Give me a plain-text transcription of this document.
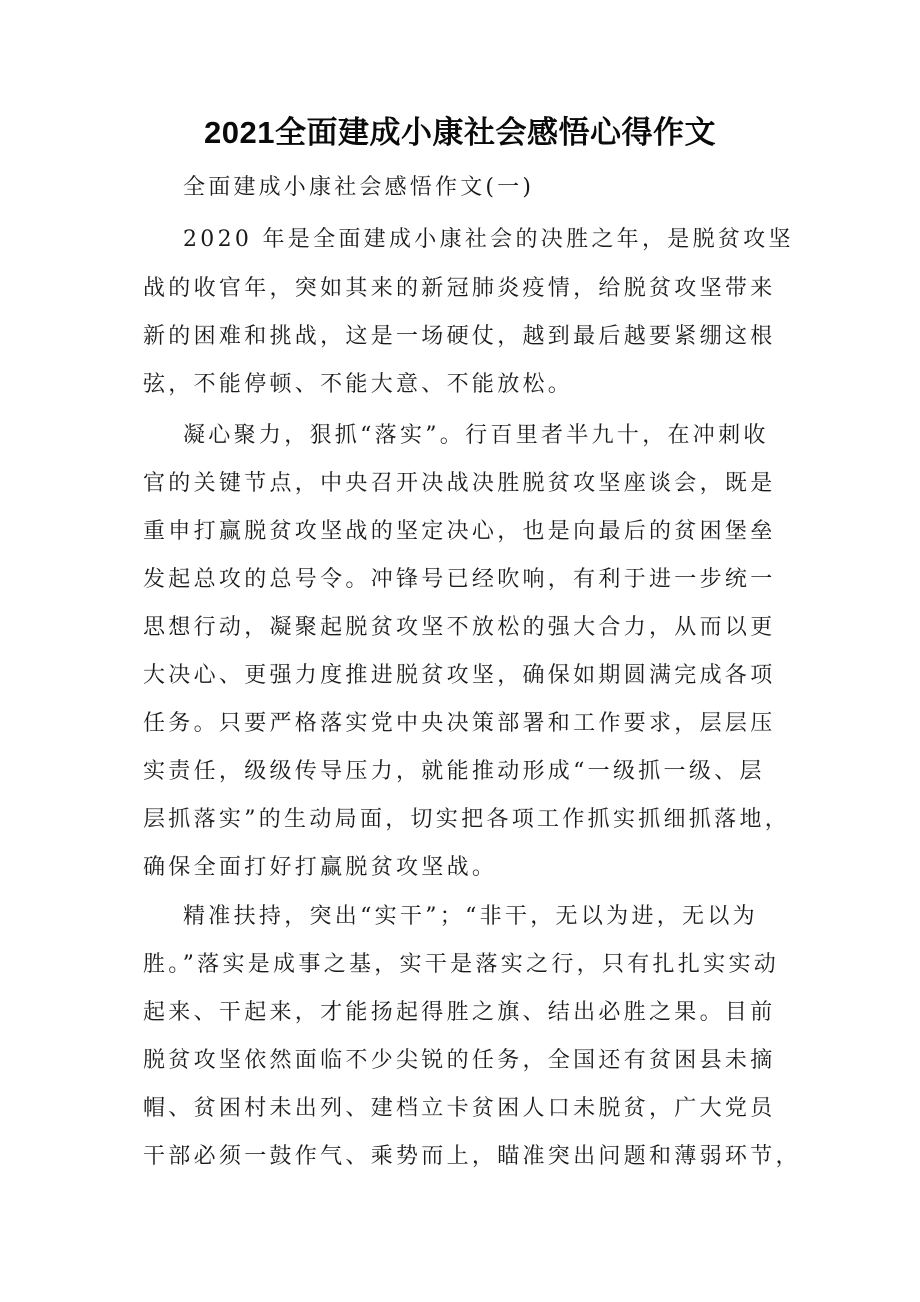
2021全面建成小康社会感悟心得作文

全面建成小康社会感悟作文(一)

2020 年是全面建成小康社会的决胜之年，是脱贫攻坚

战的收官年，突如其来的新冠肺炎疫情，给脱贫攻坚带来

新的困难和挑战，这是一场硬仗，越到最后越要紧绷这根

弦，不能停顿、不能大意、不能放松。

凝心聚力，狠抓“落实”。行百里者半九十，在冲刺收

官的关键节点，中央召开决战决胜脱贫攻坚座谈会，既是

重申打赢脱贫攻坚战的坚定决心，也是向最后的贫困堡垒

发起总攻的总号令。冲锋号已经吹响，有利于进一步统一

思想行动，凝聚起脱贫攻坚不放松的强大合力，从而以更

大决心、更强力度推进脱贫攻坚，确保如期圆满完成各项

任务。只要严格落实党中央决策部署和工作要求，层层压

实责任，级级传导压力，就能推动形成“一级抓一级、层

层抓落实”的生动局面，切实把各项工作抓实抓细抓落地，

确保全面打好打赢脱贫攻坚战。

精准扶持，突出“实干”；“非干，无以为进，无以为

胜。”落实是成事之基，实干是落实之行，只有扎扎实实动

起来、干起来，才能扬起得胜之旗、结出必胜之果。目前

脱贫攻坚依然面临不少尖锐的任务，全国还有贫困县未摘

帽、贫困村未出列、建档立卡贫困人口未脱贫，广大党员

干部必须一鼓作气、乘势而上，瞄准突出问题和薄弱环节，
